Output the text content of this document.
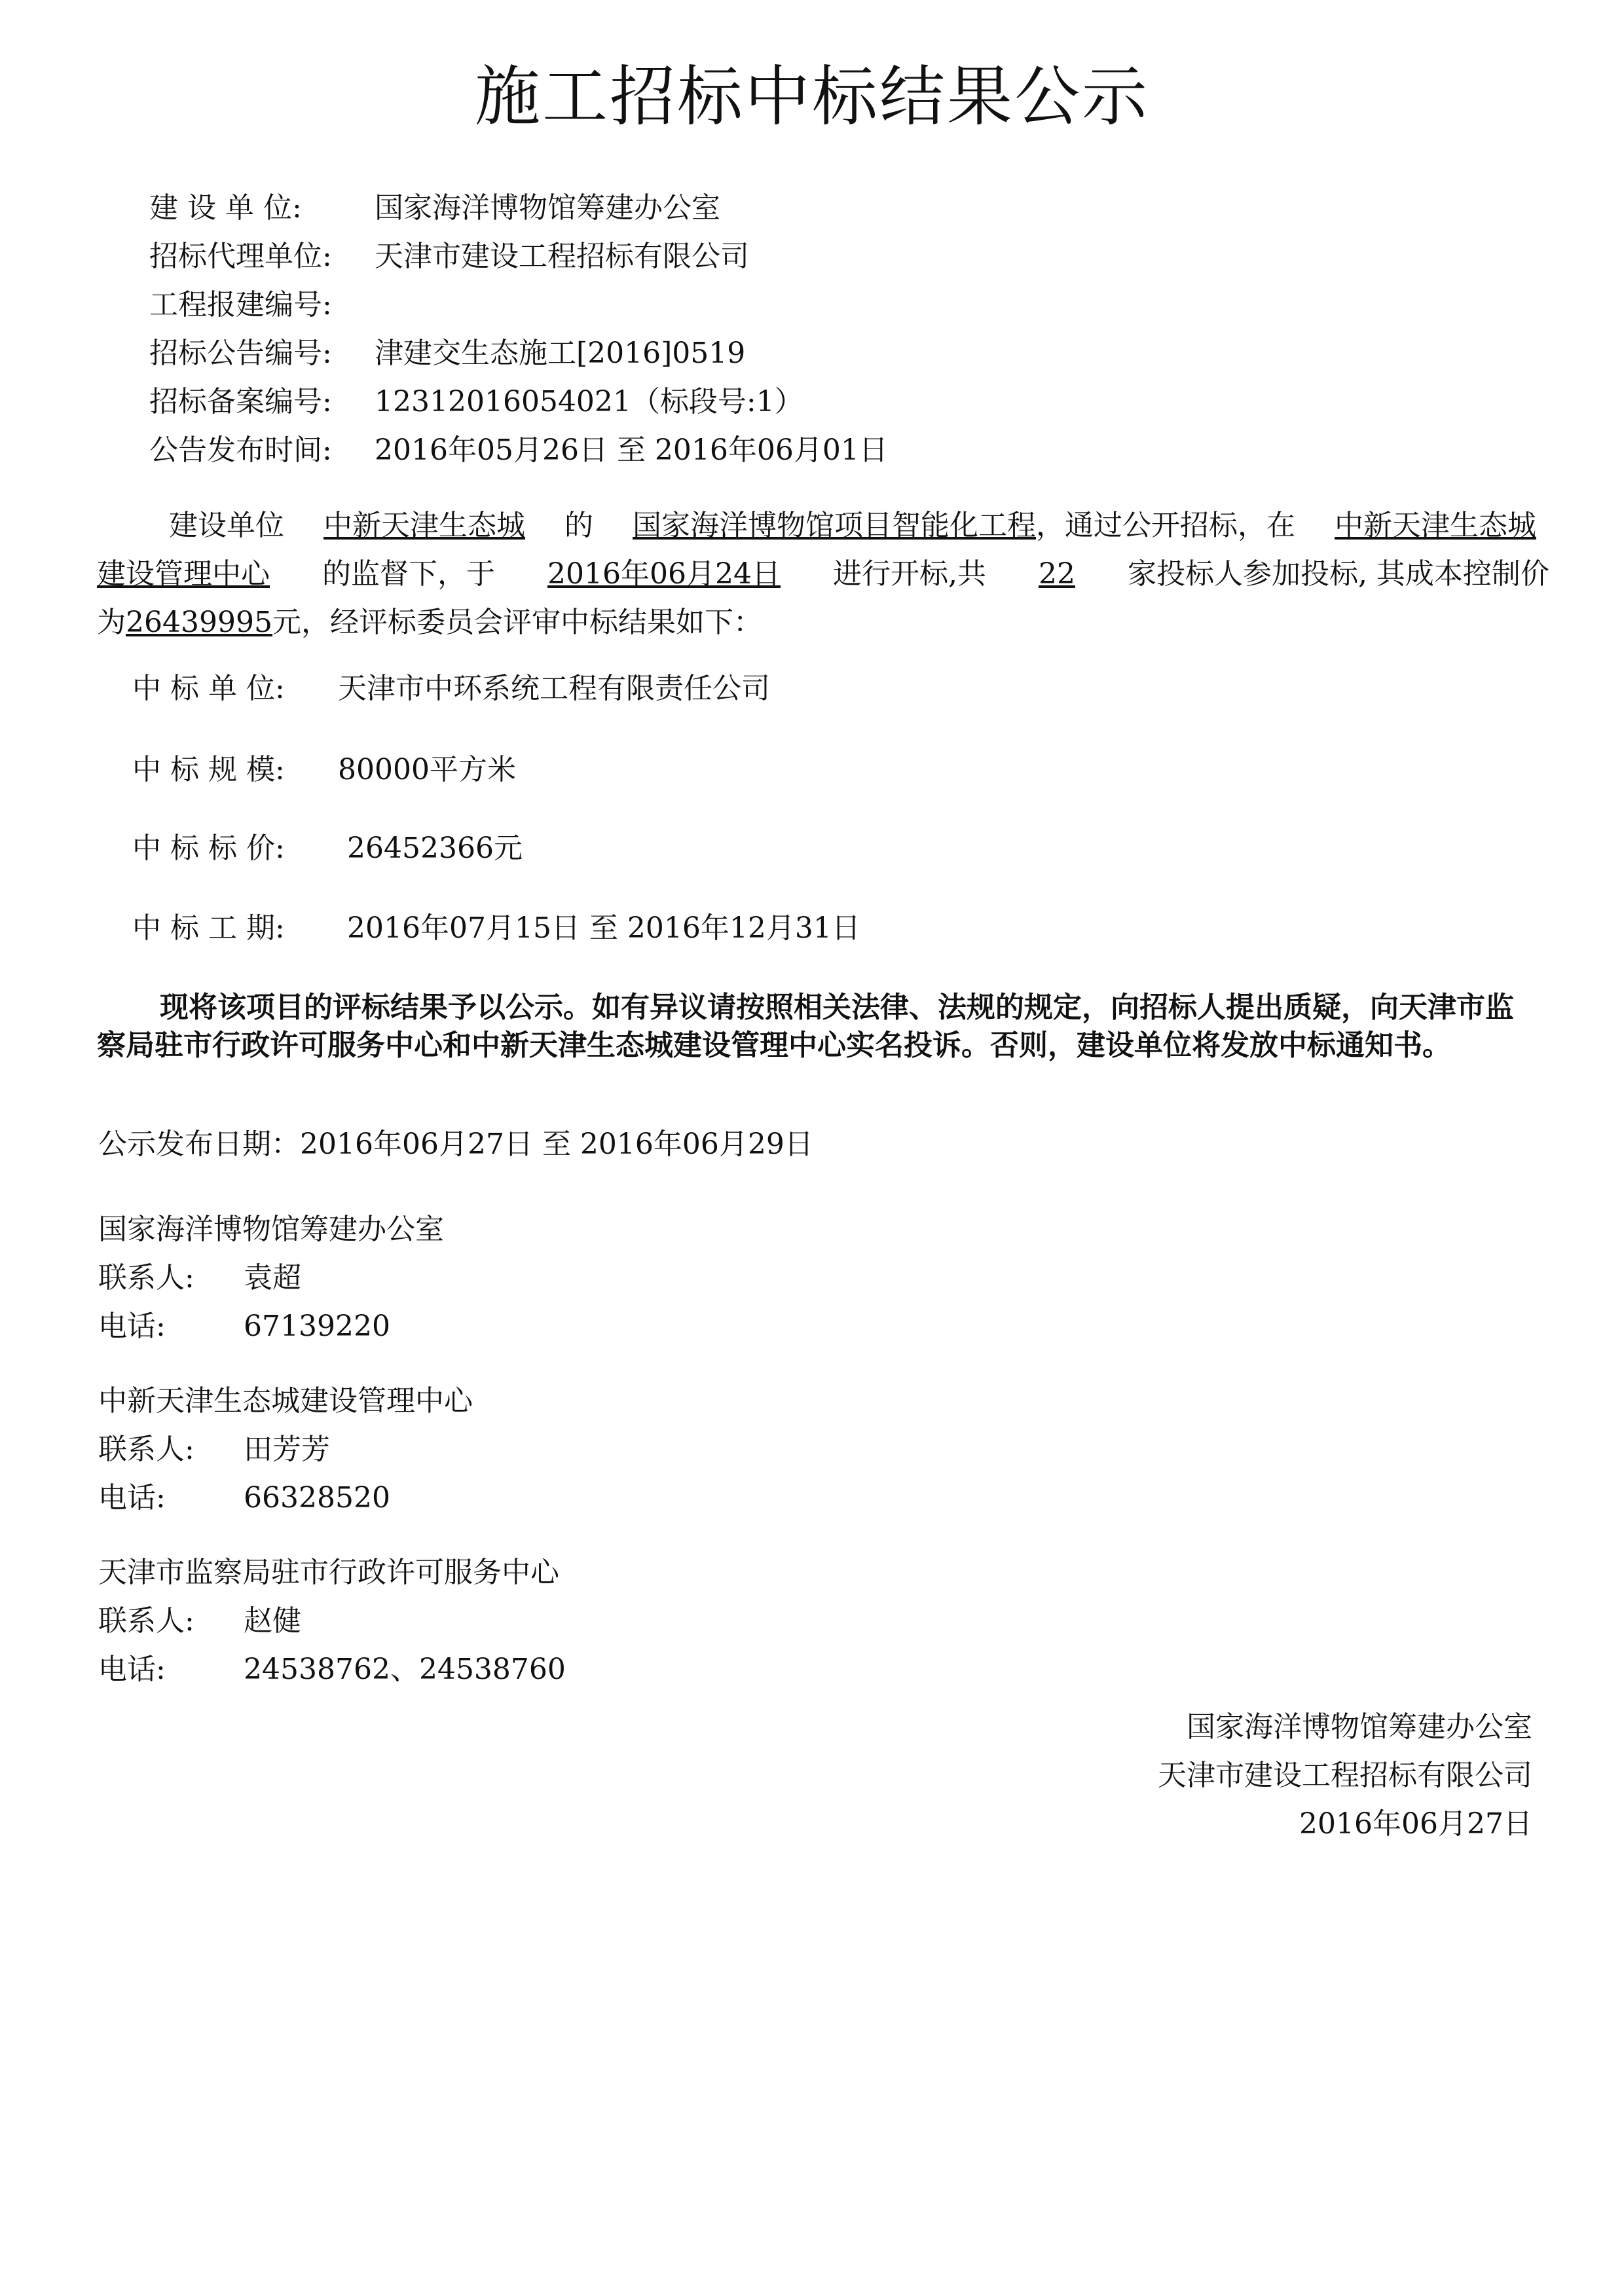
施工招标中标结果公示
建 设 单 位:	国家海洋博物馆筹建办公室
招标代理单位: 天津市建设工程招标有限公司
工程报建编号:
招标公告编号: 津建交生态施工[2016]0519
招标备案编号: 12312016054021（标段号:1）
公告发布时间: 2016年05月26日 至 2016年06月01日
建设单位 中新天津生态城 的 国家海洋博物馆项目智能化工程，通过公开招标，在 中新天津生态城建设管理中心 的监督下，于 2016年06月24日 进行开标,共 22 家投标人参加投标, 其成本控制价为26439995元，经评标委员会评审中标结果如下：
中 标 单 位: 天津市中环系统工程有限责任公司
中 标 规 模: 80000平方米
中 标 标 价: 26452366元
中 标 工 期: 2016年07月15日 至 2016年12月31日
现将该项目的评标结果予以公示。如有异议请按照相关法律、法规的规定，向招标人提出质疑，向天津市监察局驻市行政许可服务中心和中新天津生态城建设管理中心实名投诉。否则，建设单位将发放中标通知书。
公示发布日期：2016年06月27日 至 2016年06月29日
国家海洋博物馆筹建办公室
联系人: 袁超
电话:	67139220
中新天津生态城建设管理中心
联系人: 田芳芳
电话:	66328520
天津市监察局驻市行政许可服务中心
联系人: 赵健
电话:	24538762、24538760
国家海洋博物馆筹建办公室
天津市建设工程招标有限公司
2016年06月27日
